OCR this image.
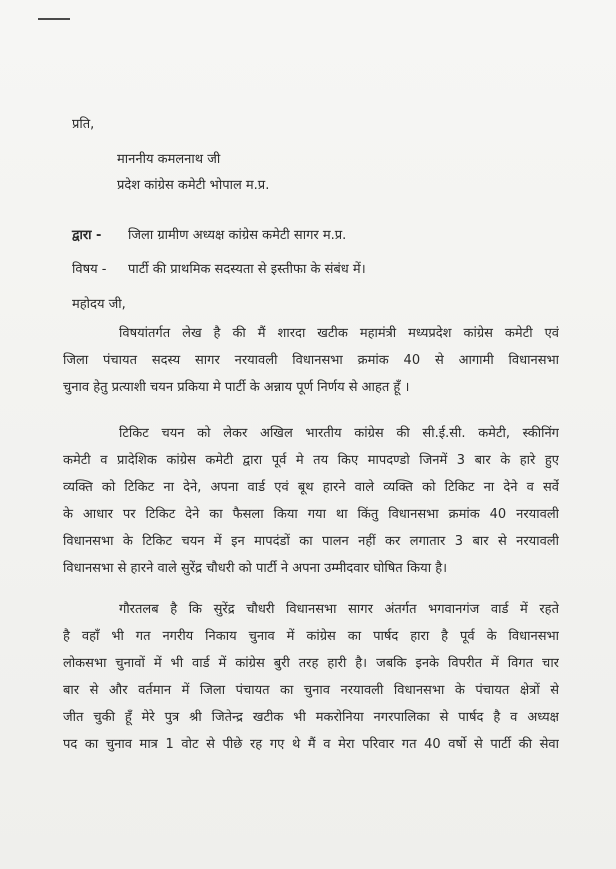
प्रति,
माननीय कमलनाथ जी
प्रदेश कांग्रेस कमेटी भोपाल म.प्र.
द्वारा - जिला ग्रामीण अध्यक्ष कांग्रेस कमेटी सागर म.प्र.
विषय - पार्टी की प्राथमिक सदस्यता से इस्तीफा के संबंध में।
महोदय जी,
विषयांतर्गत लेख है की मैं शारदा खटीक महामंत्री मध्यप्रदेश कांग्रेस कमेटी एवं
जिला पंचायत सदस्य सागर नरयावली विधानसभा क्रमांक 40 से आगामी विधानसभा
चुनाव हेतु प्रत्याशी चयन प्रकिया मे पार्टी के अन्नाय पूर्ण निर्णय से आहत हूँ ।
टिकिट चयन को लेकर अखिल भारतीय कांग्रेस की सी.ई.सी. कमेटी, स्कीनिंग
कमेटी व प्रादेशिक कांग्रेस कमेटी द्वारा पूर्व मे तय किए मापदण्डो जिनमें 3 बार के हारे हुए
व्यक्ति को टिकिट ना देने, अपना वार्ड एवं बूथ हारने वाले व्यक्ति को टिकिट ना देने व सर्वे
के आधार पर टिकिट देने का फैसला किया गया था किंतु विधानसभा क्रमांक 40 नरयावली
विधानसभा के टिकिट चयन में इन मापदंडों का पालन नहीं कर लगातार 3 बार से नरयावली
विधानसभा से हारने वाले सुरेंद्र चौधरी को पार्टी ने अपना उम्मीदवार घोषित किया है।
गौरतलब है कि सुरेंद्र चौधरी विधानसभा सागर अंतर्गत भगवानगंज वार्ड में रहते
है वहाँ भी गत नगरीय निकाय चुनाव में कांग्रेस का पार्षद हारा है पूर्व के विधानसभा
लोकसभा चुनावों में भी वार्ड में कांग्रेस बुरी तरह हारी है। जबकि इनके विपरीत में विगत चार
बार से और वर्तमान में जिला पंचायत का चुनाव नरयावली विधानसभा के पंचायत क्षेत्रों से
जीत चुकी हूँ मेरे पुत्र श्री जितेन्द्र खटीक भी मकरोनिया नगरपालिका से पार्षद है व अध्यक्ष
पद का चुनाव मात्र 1 वोट से पीछे रह गए थे मैं व मेरा परिवार गत 40 वर्षो से पार्टी की सेवा
